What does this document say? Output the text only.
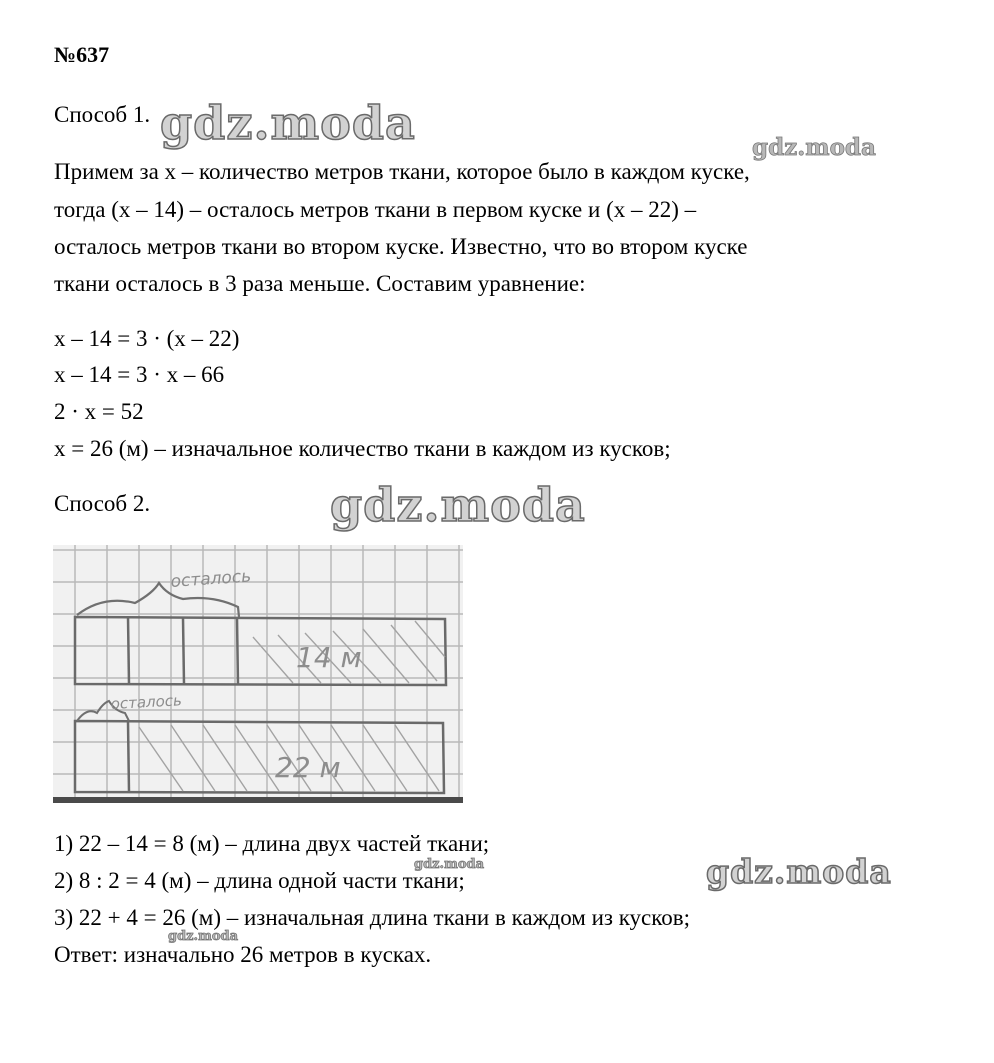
№637
Способ 1.
Примем за x – количество метров ткани, которое было в каждом куске,
тогда (x – 14) – осталось метров ткани в первом куске и (x – 22) –
осталось метров ткани во втором куске. Известно, что во втором куске
ткани осталось в 3 раза меньше. Составим уравнение:
x – 14 = 3 · (x – 22)
x – 14 = 3 · x – 66
2 · x = 52
x = 26 (м) – изначальное количество ткани в каждом из кусков;
Способ 2.
осталось
14 м
осталось
22 м
1) 22 – 14 = 8 (м) – длина двух частей ткани;
2) 8 : 2 = 4 (м) – длина одной части ткани;
3) 22 + 4 = 26 (м) – изначальная длина ткани в каждом из кусков;
Ответ: изначально 26 метров в кусках.
gdz.moda	gdz.moda
gdz.moda
gdz.moda
gdz.moda
gdz.moda
